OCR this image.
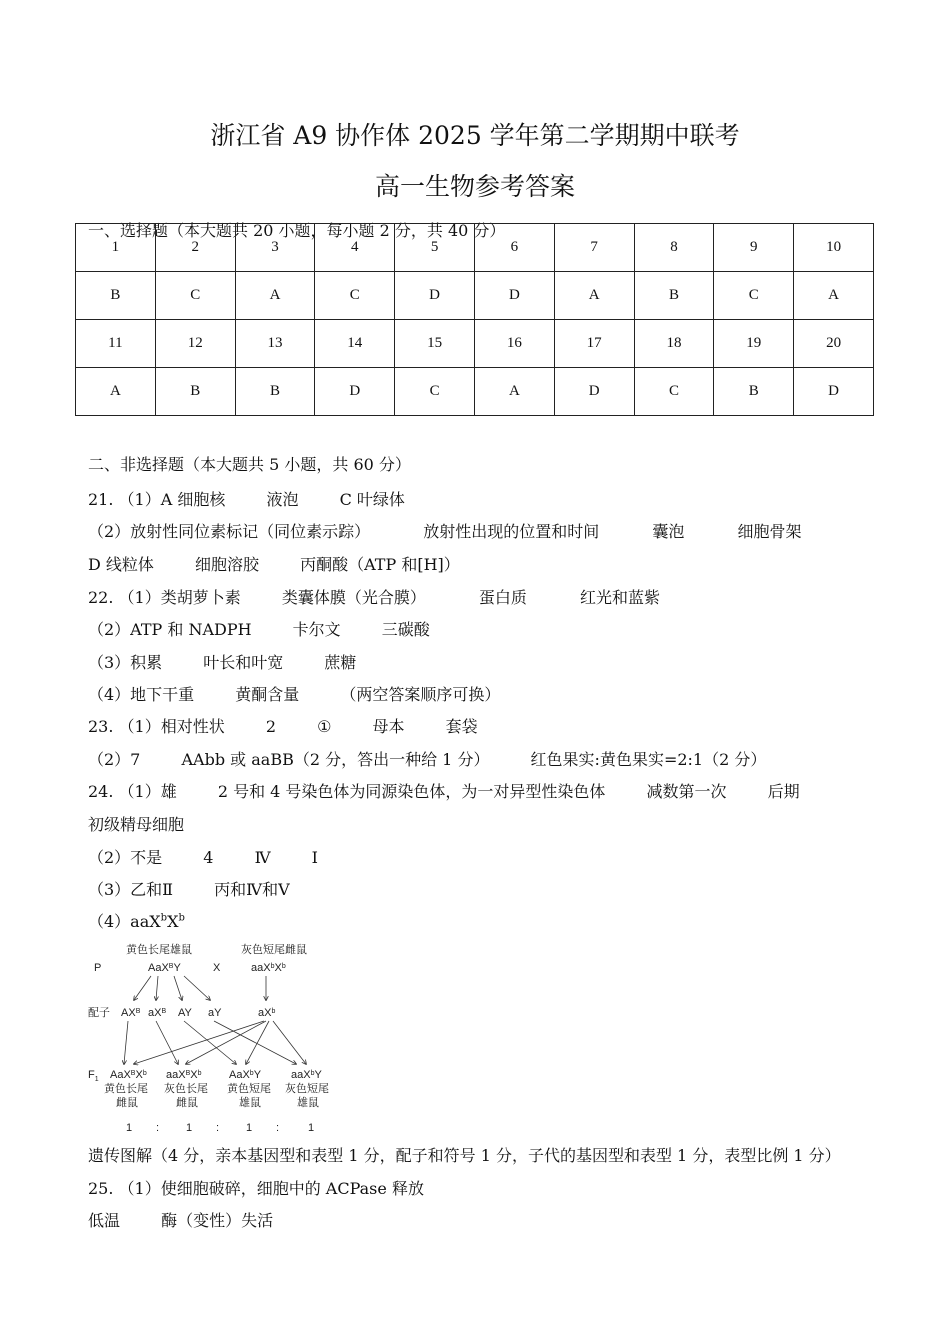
浙江省 A9 协作体 2025 学年第二学期期中联考
高一生物参考答案
一、选择题（本大题共 20 小题，每小题 2 分，共 40 分）
1	2	3	4	5	6	7	8	9	10
B	C	A	C	D	D	A	B	C	A
11	12	13	14	15	16	17	18	19	20
A	B	B	D	C	A	D	C	B	D
二、非选择题（本大题共 5 小题，共 60 分）
21. （1）A 细胞核	液泡	C 叶绿体
（2）放射性同位素标记（同位素示踪）	放射性出现的位置和时间	囊泡	细胞骨架
D 线粒体	细胞溶胶	丙酮酸（ATP 和[H]）
22. （1）类胡萝卜素	类囊体膜（光合膜）	蛋白质	红光和蓝紫
（2）ATP 和 NADPH	卡尔文	三碳酸
（3）积累	叶长和叶宽	蔗糖
（4）地下干重	黄酮含量	（两空答案顺序可换）
23. （1）相对性状	2	①	母本	套袋
（2）7	AAbb 或 aaBB（2 分，答出一种给 1 分）	红色果实:黄色果实=2:1（2 分）
24. （1）雄	2 号和 4 号染色体为同源染色体，为一对异型性染色体	减数第一次	后期
初级精母细胞
（2）不是	4	Ⅳ	Ⅰ
（3）乙和Ⅱ	丙和Ⅳ和Ⅴ
$(4)aaX^bX^b$
P
黄色长尾雄鼠	灰色短尾雌鼠
AaX$^B$Y	X	$aaX^bX^b$
配子 $AX^B$ $aX^B$ AY aY	$aX^b$
$F_1$ $AaX^BX^b$ $aaX^BX^b$	AaX$^b$Y	aaX$^b$Y
黄色长尾 灰色长尾 黄色短尾 灰色短尾
雌鼠	雌鼠	雄鼠	雄鼠
1 : 1 : 1 :	1
遗传图解（4 分，亲本基因型和表型 1 分，配子和符号 1 分，子代的基因型和表型 1 分，表型比例 1 分）
25. （1）使细胞破碎，细胞中的 ACPase 释放
低温	酶（变性）失活
